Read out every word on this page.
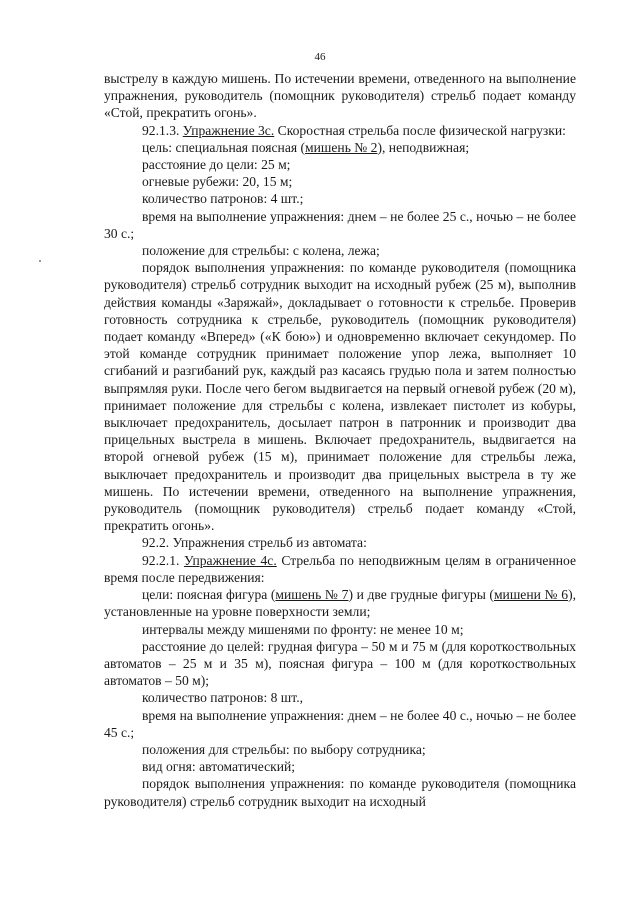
46

выстрелу в каждую мишень. По истечении времени, отведенного на выполнение упражнения, руководитель (помощник руководителя) стрельб подает команду «Стой, прекратить огонь».

92.1.3. Упражнение 3с. Скоростная стрельба после физической нагрузки:

цель: специальная поясная (мишень № 2), неподвижная;

расстояние до цели: 25 м;

огневые рубежи: 20, 15 м;

количество патронов: 4 шт.;

время на выполнение упражнения: днем – не более 25 с., ночью – не более 30 с.;

положение для стрельбы: с колена, лежа;

порядок выполнения упражнения: по команде руководителя (помощника руководителя) стрельб сотрудник выходит на исходный рубеж (25 м), выполнив действия команды «Заряжай», докладывает о готовности к стрельбе. Проверив готовность сотрудника к стрельбе, руководитель (помощник руководителя) подает команду «Вперед» («К бою») и одновременно включает секундомер. По этой команде сотрудник принимает положение упор лежа, выполняет 10 сгибаний и разгибаний рук, каждый раз касаясь грудью пола и затем полностью выпрямляя руки. После чего бегом выдвигается на первый огневой рубеж (20 м), принимает положение для стрельбы с колена, извлекает пистолет из кобуры, выключает предохранитель, досылает патрон в патронник и производит два прицельных выстрела в мишень. Включает предохранитель, выдвигается на второй огневой рубеж (15 м), принимает положение для стрельбы лежа, выключает предохранитель и производит два прицельных выстрела в ту же мишень. По истечении времени, отведенного на выполнение упражнения, руководитель (помощник руководителя) стрельб подает команду «Стой, прекратить огонь».

92.2. Упражнения стрельб из автомата:

92.2.1. Упражнение 4с. Стрельба по неподвижным целям в ограниченное время после передвижения:

цели: поясная фигура (мишень № 7) и две грудные фигуры (мишени № 6), установленные на уровне поверхности земли;

интервалы между мишенями по фронту: не менее 10 м;

расстояние до целей: грудная фигура – 50 м и 75 м (для короткоствольных автоматов – 25 м и 35 м), поясная фигура – 100 м (для короткоствольных автоматов – 50 м);

количество патронов: 8 шт.,

время на выполнение упражнения: днем – не более 40 с., ночью – не более 45 с.;

положения для стрельбы: по выбору сотрудника;

вид огня: автоматический;

порядок выполнения упражнения: по команде руководителя (помощника руководителя) стрельб сотрудник выходит на исходный
